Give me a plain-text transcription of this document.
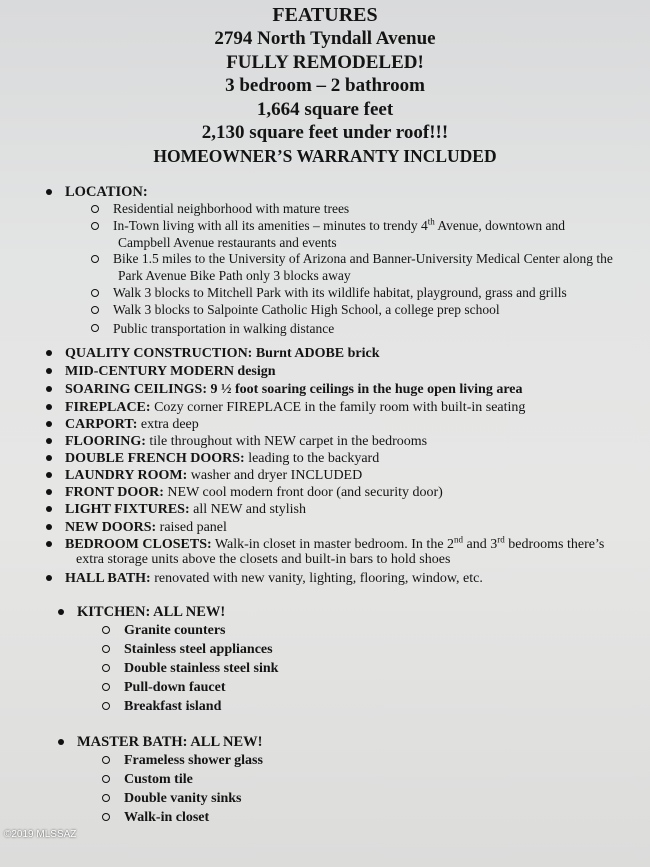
FEATURES
2794 North Tyndall Avenue
FULLY REMODELED!
3 bedroom – 2 bathroom
1,664 square feet
2,130 square feet under roof!!!
HOMEOWNER’S WARRANTY INCLUDED
LOCATION:
Residential neighborhood with mature trees
In-Town living with all its amenities – minutes to trendy 4th Avenue, downtown and
Campbell Avenue restaurants and events
Bike 1.5 miles to the University of Arizona and Banner-University Medical Center along the
Park Avenue Bike Path only 3 blocks away
Walk 3 blocks to Mitchell Park with its wildlife habitat, playground, grass and grills
Walk 3 blocks to Salpointe Catholic High School, a college prep school
Public transportation in walking distance
QUALITY CONSTRUCTION: Burnt ADOBE brick
MID-CENTURY MODERN design
SOARING CEILINGS: 9 ½ foot soaring ceilings in the huge open living area
FIREPLACE: Cozy corner FIREPLACE in the family room with built-in seating
CARPORT: extra deep
FLOORING: tile throughout with NEW carpet in the bedrooms
DOUBLE FRENCH DOORS: leading to the backyard
LAUNDRY ROOM: washer and dryer INCLUDED
FRONT DOOR: NEW cool modern front door (and security door)
LIGHT FIXTURES: all NEW and stylish
NEW DOORS: raised panel
BEDROOM CLOSETS: Walk-in closet in master bedroom. In the 2nd and 3rd bedrooms there’s
extra storage units above the closets and built-in bars to hold shoes
HALL BATH: renovated with new vanity, lighting, flooring, window, etc.
KITCHEN: ALL NEW!
Granite counters
Stainless steel appliances
Double stainless steel sink
Pull-down faucet
Breakfast island
MASTER BATH: ALL NEW!
Frameless shower glass
Custom tile
Double vanity sinks
Walk-in closet
©2019 MLSSAZ
